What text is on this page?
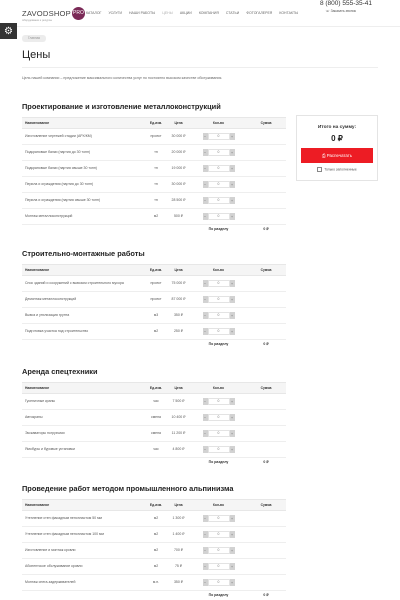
ZAVODSHOP PRO
оборудование и ресурсы
КАТАЛОГ УСЛУГИ НАШИ РАБОТЫ ЦЕНЫ АКЦИИ КОМПАНИЯ СТАТЬИ ФОТОГАЛЕРЕЯ КОНТАКТЫ
8 (800) 555-35-41
☏ Заказать звонок
⚙
Главная
Цены
Цель нашей компании – предложение максимального количества услуг по постоянно высоком качестве обслуживания.
Проектирование и изготовление металлоконструкций
Наименование	Ед.изм.	Цена	Кол-во	Сумма
Изготовление чертежей стадии (АРХ/КМ)	проект	30 000 ₽	− 0 +	

Подкрановые балки (партия до 30 тонн)	тн	20 000 ₽	− 0 +	

Подкрановые балки (партия свыше 30 тонн)	тн	19 000 ₽	− 0 +	

Перила и ограждения (партия до 30 тонн)	тн	30 000 ₽	− 0 +	

Перила и ограждения (партия свыше 30 тонн)	тн	28 500 ₽	− 0 +	

Монтаж металлоконструкций	м2	500 ₽	− 0 +	

			По разделу	0 ₽
Строительно-монтажные работы
Наименование	Ед.изм.	Цена	Кол-во	Сумма
Снос зданий и сооружений с вывозом строительного мусора	проект	75 000 ₽	− 0 +	

Демонтаж металлоконструкций	проект	87 000 ₽	− 0 +	

Вывоз и утилизация грунта	м3	350 ₽	− 0 +	

Подготовка участка под строительство	м2	250 ₽	− 0 +	

			По разделу	0 ₽
Аренда спецтехники
Наименование	Ед.изм.	Цена	Кол-во	Сумма
Гусеничные краны	час	7 500 ₽	− 0 +	

Автокраны	смена	10 400 ₽	− 0 +	

Экскаваторы погрузчики	смена	11 200 ₽	− 0 +	

Ямобуры и буровые установки	час	4 800 ₽	− 0 +	

			По разделу	0 ₽
Проведение работ методом промышленного альпинизма
Наименование	Ед.изм.	Цена	Кол-во	Сумма
Утепление стен фасадным пенопластом 50 мм	м2	1 300 ₽	− 0 +	

Утепление стен фасадным пенопластом 100 мм	м2	1 400 ₽	− 0 +	

Изготовление и монтаж кровли	м2	700 ₽	− 0 +	

Абонентское обслуживание кровли	м2	75 ₽	− 0 +	

Монтаж снега-задерживателей	м.п.	350 ₽	− 0 +	

			По разделу	0 ₽
Итого на сумму:
0 ₽
⎙ Распечатать
Только заполненные
